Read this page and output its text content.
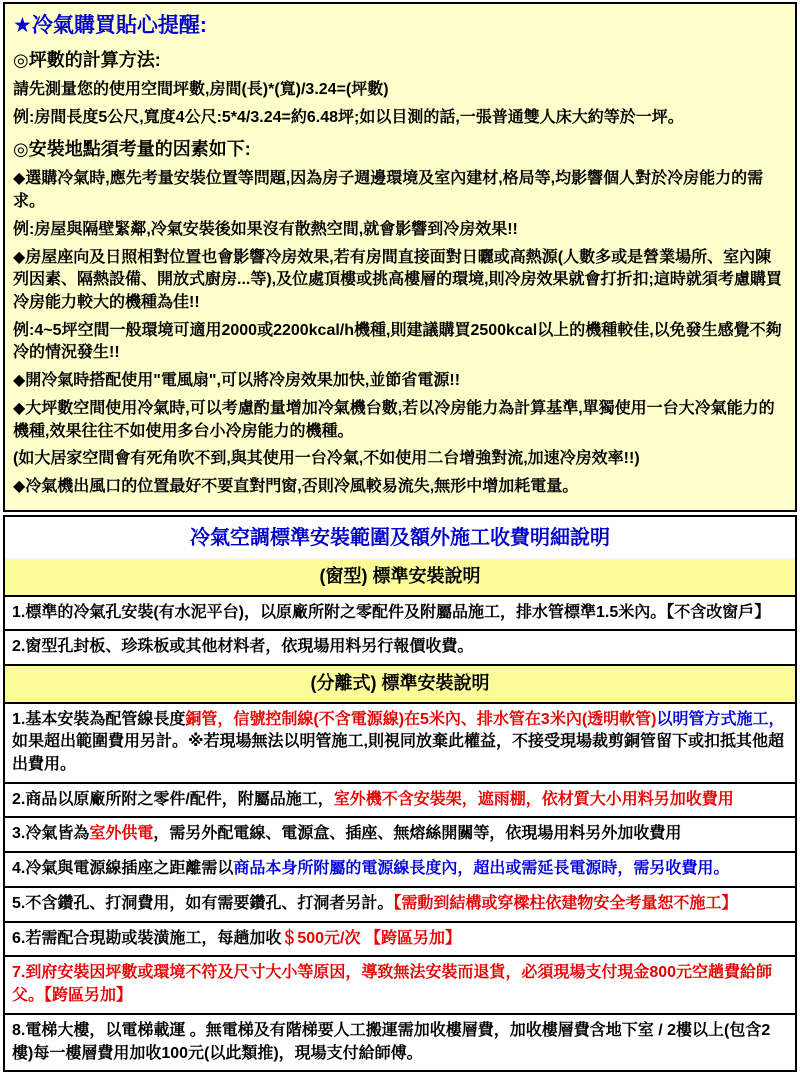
★冷氣購買貼心提醒:
◎坪數的計算方法:
請先測量您的使用空間坪數,房間(長)*(寬)/3.24=(坪數)
例:房間長度5公尺,寬度4公尺:5*4/3.24=約6.48坪;如以目測的話,一張普通雙人床大約等於一坪。
◎安裝地點須考量的因素如下:
◆選購冷氣時,應先考量安裝位置等問題,因為房子週邊環境及室內建材,格局等,均影響個人對於冷房能力的需求。
例:房屋與隔壁緊鄰,冷氣安裝後如果沒有散熱空間,就會影響到冷房效果!!
◆房屋座向及日照相對位置也會影響冷房效果,若有房間直接面對日曬或高熱源(人數多或是營業場所、室內陳列因素、隔熱設備、開放式廚房...等),及位處頂樓或挑高樓層的環境,則冷房效果就會打折扣;這時就須考慮購買冷房能力較大的機種為佳!!
例:4~5坪空間一般環境可適用2000或2200kcal/h機種,則建議購買2500kcal以上的機種較佳,以免發生感覺不夠冷的情況發生!!
◆開冷氣時搭配使用"電風扇",可以將冷房效果加快,並節省電源!!
◆大坪數空間使用冷氣時,可以考慮酌量增加冷氣機台數,若以冷房能力為計算基準,單獨使用一台大冷氣能力的機種,效果往往不如使用多台小冷房能力的機種。
(如大居家空間會有死角吹不到,與其使用一台冷氣,不如使用二台增強對流,加速冷房效率!!)
◆冷氣機出風口的位置最好不要直對門窗,否則冷風較易流失,無形中增加耗電量。
冷氣空調標準安裝範圍及額外施工收費明細說明
(窗型) 標準安裝說明
1.標準的冷氣孔安裝(有水泥平台)，以原廠所附之零配件及附屬品施工，排水管標準1.5米內。【不含改窗戶】
2.窗型孔封板、珍珠板或其他材料者，依現場用料另行報價收費。
(分離式) 標準安裝說明
1.基本安裝為配管線長度銅管，信號控制線(不含電源線)在5米內、排水管在3米內(透明軟管)以明管方式施工，如果超出範圍費用另計。※若現場無法以明管施工,則視同放棄此權益，不接受現場裁剪銅管留下或扣抵其他超出費用。
2.商品以原廠所附之零件/配件，附屬品施工，室外機不含安裝架，遮雨棚，依材質大小用料另加收費用
3.冷氣皆為室外供電，需另外配電線、電源盒、插座、無熔絲開關等，依現場用料另外加收費用
4.冷氣與電源線插座之距離需以商品本身所附屬的電源線長度內，超出或需延長電源時，需另收費用。
5.不含鑽孔、打洞費用，如有需要鑽孔、打洞者另計。【需動到結構或穿樑柱依建物安全考量恕不施工】
6.若需配合現勘或裝潢施工，每趟加收＄500元/次 【跨區另加】
7.到府安裝因坪數或環境不符及尺寸大小等原因，導致無法安裝而退貨，必須現場支付現金800元空趟費給師父。【跨區另加】
8.電梯大樓，以電梯載運 。無電梯及有階梯要人工搬運需加收樓層費，加收樓層費含地下室 / 2樓以上(包含2樓)每一樓層費用加收100元(以此類推)，現場支付給師傅。
